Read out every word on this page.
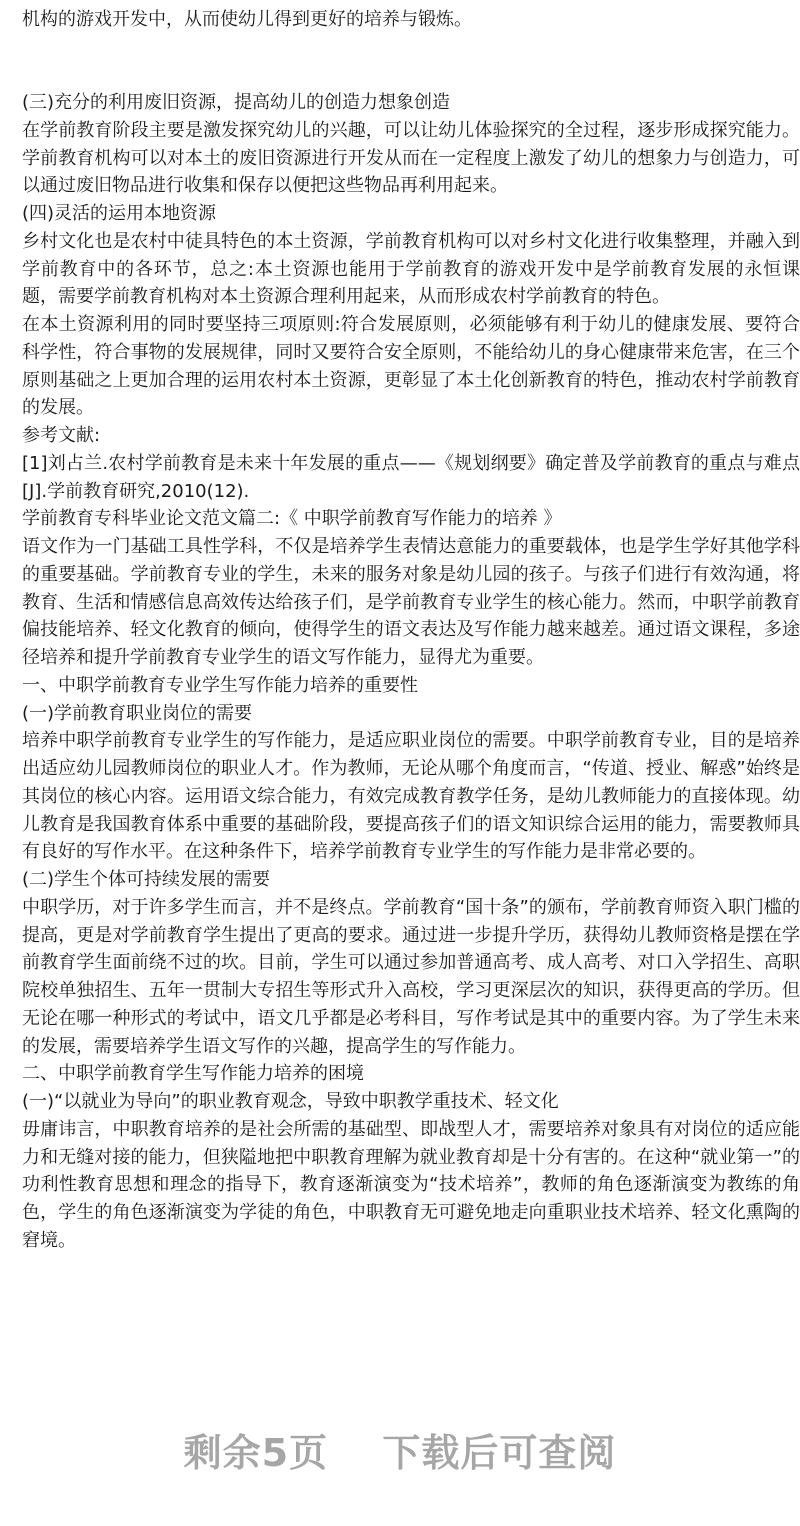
机构的游戏开发中，从而使幼儿得到更好的培养与锻炼。

(三)充分的利用废旧资源，提高幼儿的创造力想象创造

在学前教育阶段主要是激发探究幼儿的兴趣，可以让幼儿体验探究的全过程，逐步形成探究能力。学前教育机构可以对本土的废旧资源进行开发从而在一定程度上激发了幼儿的想象力与创造力，可以通过废旧物品进行收集和保存以便把这些物品再利用起来。

(四)灵活的运用本地资源

乡村文化也是农村中徒具特色的本土资源，学前教育机构可以对乡村文化进行收集整理，并融入到学前教育中的各环节，总之:本土资源也能用于学前教育的游戏开发中是学前教育发展的永恒课题，需要学前教育机构对本土资源合理利用起来，从而形成农村学前教育的特色。

在本土资源利用的同时要坚持三项原则:符合发展原则，必须能够有利于幼儿的健康发展、要符合科学性，符合事物的发展规律，同时又要符合安全原则，不能给幼儿的身心健康带来危害，在三个原则基础之上更加合理的运用农村本土资源，更彰显了本土化创新教育的特色，推动农村学前教育的发展。

参考文献:

[1]刘占兰.农村学前教育是未来十年发展的重点——《规划纲要》确定普及学前教育的重点与难点[J].学前教育研究,2010(12).

学前教育专科毕业论文范文篇二:《 中职学前教育写作能力的培养 》

语文作为一门基础工具性学科，不仅是培养学生表情达意能力的重要载体，也是学生学好其他学科的重要基础。学前教育专业的学生，未来的服务对象是幼儿园的孩子。与孩子们进行有效沟通，将教育、生活和情感信息高效传达给孩子们，是学前教育专业学生的核心能力。然而，中职学前教育偏技能培养、轻文化教育的倾向，使得学生的语文表达及写作能力越来越差。通过语文课程，多途径培养和提升学前教育专业学生的语文写作能力，显得尤为重要。

一、中职学前教育专业学生写作能力培养的重要性

(一)学前教育职业岗位的需要

培养中职学前教育专业学生的写作能力，是适应职业岗位的需要。中职学前教育专业，目的是培养出适应幼儿园教师岗位的职业人才。作为教师，无论从哪个角度而言，“传道、授业、解惑”始终是其岗位的核心内容。运用语文综合能力，有效完成教育教学任务，是幼儿教师能力的直接体现。幼儿教育是我国教育体系中重要的基础阶段，要提高孩子们的语文知识综合运用的能力，需要教师具有良好的写作水平。在这种条件下，培养学前教育专业学生的写作能力是非常必要的。

(二)学生个体可持续发展的需要

中职学历，对于许多学生而言，并不是终点。学前教育“国十条”的颁布，学前教育师资入职门槛的提高，更是对学前教育学生提出了更高的要求。通过进一步提升学历，获得幼儿教师资格是摆在学前教育学生面前绕不过的坎。目前，学生可以通过参加普通高考、成人高考、对口入学招生、高职院校单独招生、五年一贯制大专招生等形式升入高校，学习更深层次的知识，获得更高的学历。但无论在哪一种形式的考试中，语文几乎都是必考科目，写作考试是其中的重要内容。为了学生未来的发展，需要培养学生语文写作的兴趣，提高学生的写作能力。

二、中职学前教育学生写作能力培养的困境

(一)“以就业为导向”的职业教育观念，导致中职教学重技术、轻文化

毋庸讳言，中职教育培养的是社会所需的基础型、即战型人才，需要培养对象具有对岗位的适应能力和无缝对接的能力，但狭隘地把中职教育理解为就业教育却是十分有害的。在这种“就业第一”的功利性教育思想和理念的指导下，教育逐渐演变为“技术培养”，教师的角色逐渐演变为教练的角色，学生的角色逐渐演变为学徒的角色，中职教育无可避免地走向重职业技术培养、轻文化熏陶的窘境。

剩余5页 下载后可查阅
